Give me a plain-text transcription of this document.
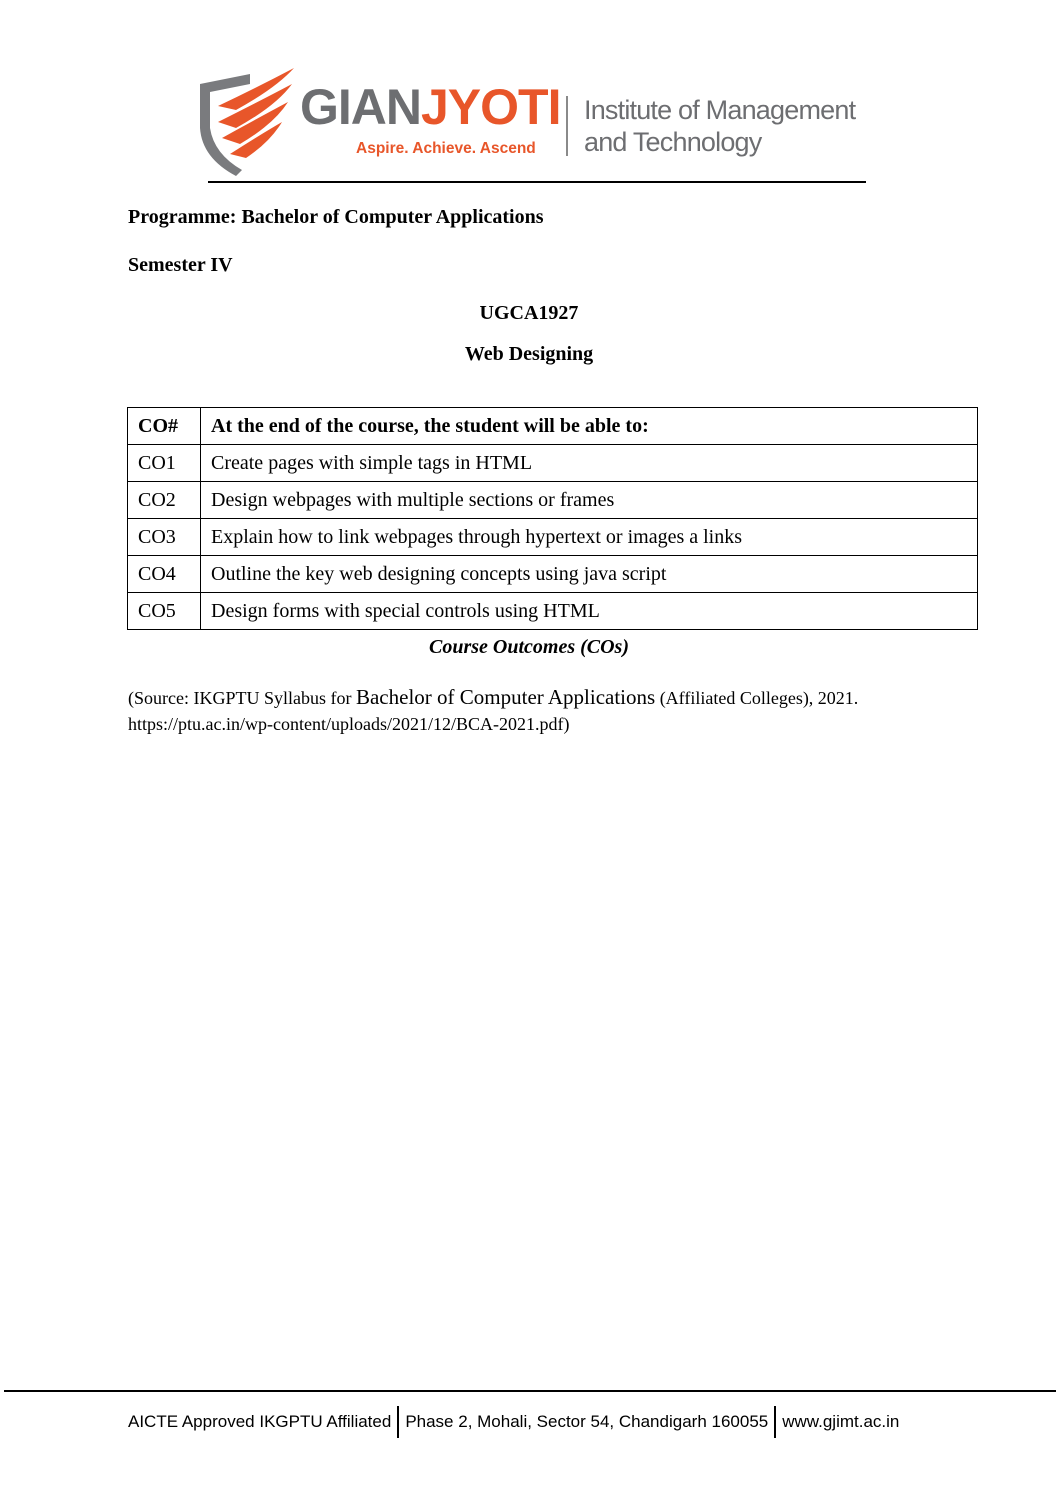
GIANJYOTI
Aspire. Achieve. Ascend
Institute of Management
and Technology
Programme: Bachelor of Computer Applications
Semester IV
UGCA1927
Web Designing
CO#	At the end of the course, the student will be able to:
CO1	Create pages with simple tags in HTML
CO2	Design webpages with multiple sections or frames
CO3	Explain how to link webpages through hypertext or images a links
CO4	Outline the key web designing concepts using java script
CO5	Design forms with special controls using HTML
Course Outcomes (COs)
(Source: IKGPTU Syllabus for Bachelor of Computer Applications (Affiliated Colleges), 2021. https://ptu.ac.in/wp-content/uploads/2021/12/BCA-2021.pdf)
AICTE Approved IKGPTU Affiliated Phase 2, Mohali, Sector 54, Chandigarh 160055 www.gjimt.ac.in
